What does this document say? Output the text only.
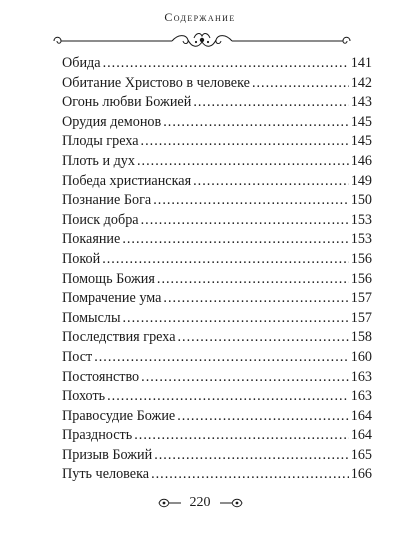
Содержание
Обида .....	141
Обитание Христово в человеке .....	142
Огонь любви Божией .....	143
Орудия демонов .....	145
Плоды греха .....	145
Плоть и дух .....	146
Победа христианская .....	149
Познание Бога .....	150
Поиск добра .....	153
Покаяние .....	153
Покой .....	156
Помощь Божия .....	156
Помрачение ума .....	157
Помыслы .....	157
Последствия греха .....	158
Пост .....	160
Постоянство .....	163
Похоть .....	163
Правосудие Божие .....	164
Праздность .....	164
Призыв Божий .....	165
Путь человека .....	166
220
